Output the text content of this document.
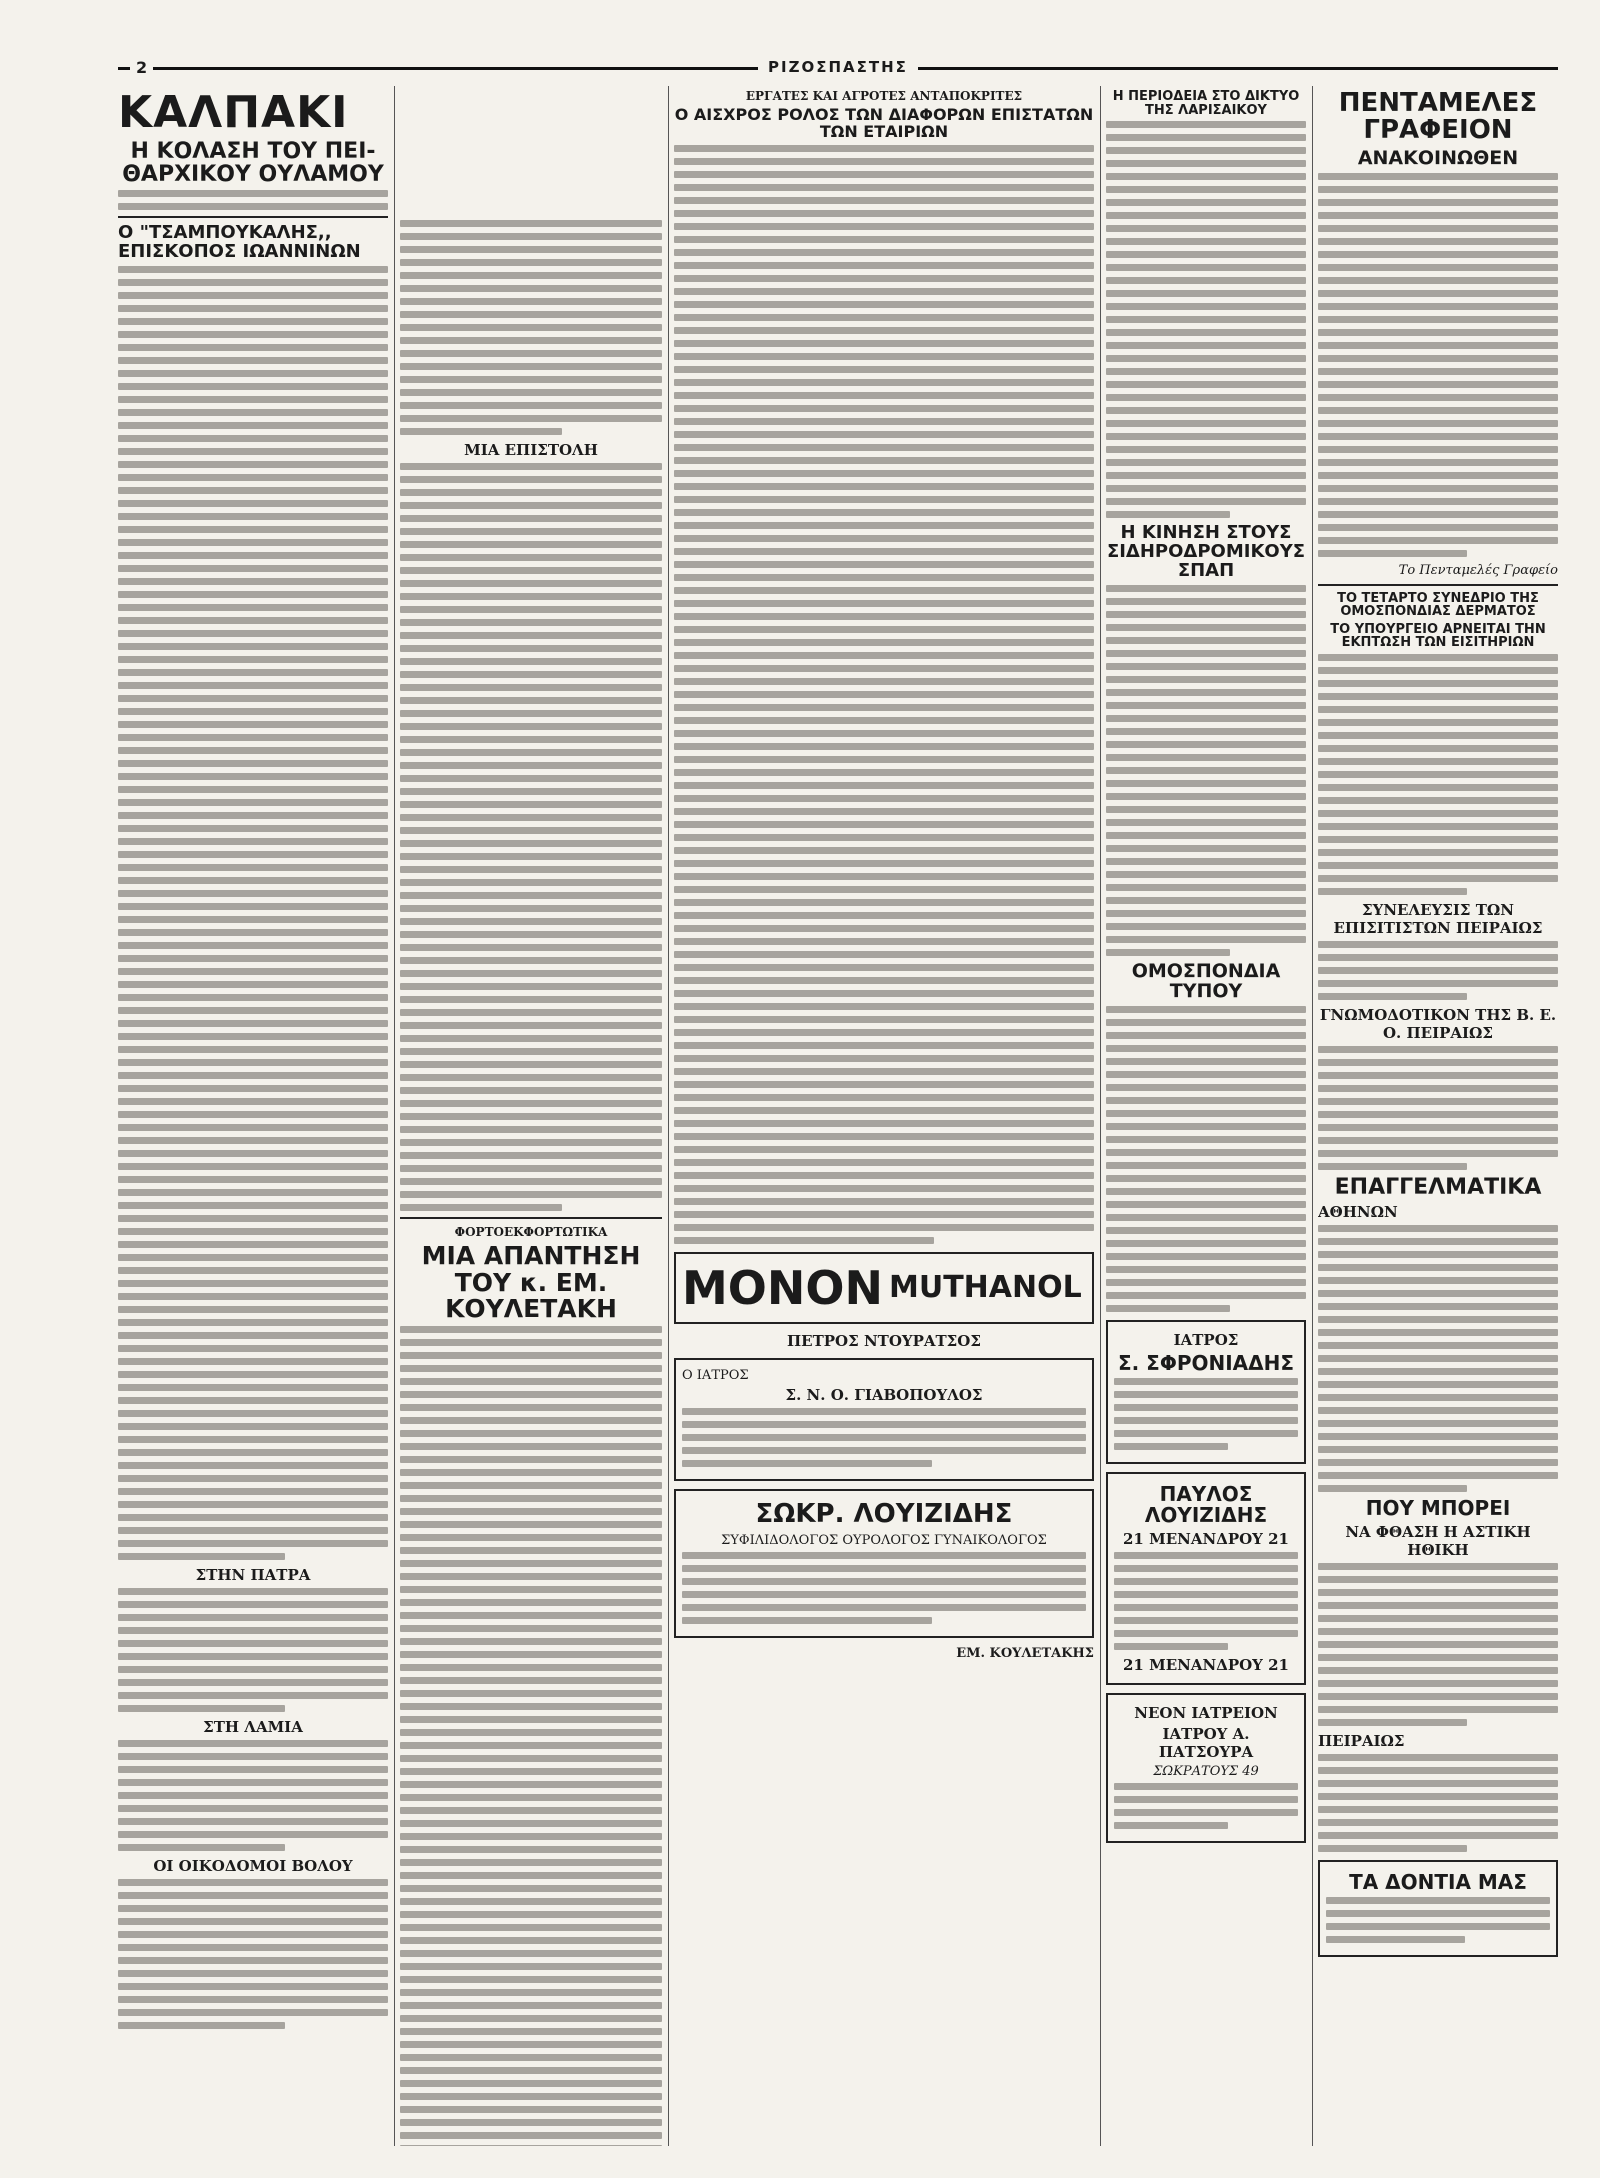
2	ΡΙΖΟΣΠΑΣΤΗΣ
ΚΑΛΠΑΚΙ
Η ΚΟΛΑΣΗ ΤΟΥ ΠΕΙ-ΘΑΡΧΙΚΟΥ ΟΥΛΑΜΟΥ
Ο "ΤΣΑΜΠΟΥΚΑΛΗΣ,, ΕΠΙΣΚΟΠΟΣ ΙΩΑΝΝΙΝΩΝ
ΣΤΗΝ ΠΑΤΡΑ
ΣΤΗ ΛΑΜΙΑ
ΟΙ ΟΙΚΟΔΟΜΟΙ ΒΟΛΟΥ
ΜΙΑ ΕΠΙΣΤΟΛΗ
ΦΟΡΤΟΕΚΦΟΡΤΩΤΙΚΑ
ΜΙΑ ΑΠΑΝΤΗΣΗ ΤΟΥ κ. ΕΜ. ΚΟΥΛΕΤΑΚΗ
ΕΡΓΑΤΕΣ ΚΑΙ ΑΓΡΟΤΕΣ ΑΝΤΑΠΟΚΡΙΤΕΣ
Ο ΑΙΣΧΡΟΣ ΡΟΛΟΣ ΤΩΝ ΔΙΑΦΟΡΩΝ ΕΠΙΣΤΑΤΩΝ ΤΩΝ ΕΤΑΙΡΙΩΝ
ΜΟΝΟΝ MUTHANOL
ΠΕΤΡΟΣ ΝΤΟΥΡΑΤΣΟΣ
Ο ΙΑΤΡΟΣ
Σ. Ν. Ο. ΓΙΑΒΟΠΟΥΛΟΣ
ΣΩΚΡ. ΛΟΥΙΖΙΔΗΣ
ΣΥΦΙΛΙΔΟΛΟΓΟΣ ΟΥΡΟΛΟΓΟΣ ΓΥΝΑΙΚΟΛΟΓΟΣ
ΕΜ. ΚΟΥΛΕΤΑΚΗΣ
Η ΠΕΡΙΟΔΕΙΑ ΣΤΟ ΔΙΚΤΥΟ ΤΗΣ ΛΑΡΙΣΑΙΚΟΥ
Η ΚΙΝΗΣΗ ΣΤΟΥΣ ΣΙΔΗΡΟΔΡΟΜΙΚΟΥΣ ΣΠΑΠ
ΟΜΟΣΠΟΝΔΙΑ ΤΥΠΟΥ
ΙΑΤΡΟΣ
Σ. ΣΦΡΟΝΙΑΔΗΣ
ΠΑΥΛΟΣ ΛΟΥΙΖΙΔΗΣ
21 ΜΕΝΑΝΔΡΟΥ 21
21 ΜΕΝΑΝΔΡΟΥ 21
ΝΕΟΝ ΙΑΤΡΕΙΟΝ
ΙΑΤΡΟΥ Α. ΠΑΤΣΟΥΡΑ
ΣΩΚΡΑΤΟΥΣ 49
ΠΕΝΤΑΜΕΛΕΣ ΓΡΑΦΕΙΟΝ
ΑΝΑΚΟΙΝΩΘΕΝ
Το Πενταμελές Γραφείο
ΤΟ ΤΕΤΑΡΤΟ ΣΥΝΕΔΡΙΟ ΤΗΣ ΟΜΟΣΠΟΝΔΙΑΣ ΔΕΡΜΑΤΟΣ
ΤΟ ΥΠΟΥΡΓΕΙΟ ΑΡΝΕΙΤΑΙ ΤΗΝ ΕΚΠΤΩΣΗ ΤΩΝ ΕΙΣΙΤΗΡΙΩΝ
ΣΥΝΕΛΕΥΣΙΣ ΤΩΝ ΕΠΙΣΙΤΙΣΤΩΝ ΠΕΙΡΑΙΩΣ
ΓΝΩΜΟΔΟΤΙΚΟΝ ΤΗΣ Β. Ε. Ο. ΠΕΙΡΑΙΩΣ
ΕΠΑΓΓΕΛΜΑΤΙΚΑ
ΑΘΗΝΩΝ
ΠΟΥ ΜΠΟΡΕΙ
ΝΑ ΦΘΑΣΗ Η ΑΣΤΙΚΗ ΗΘΙΚΗ
ΠΕΙΡΑΙΩΣ
ΤΑ ΔΟΝΤΙΑ ΜΑΣ
